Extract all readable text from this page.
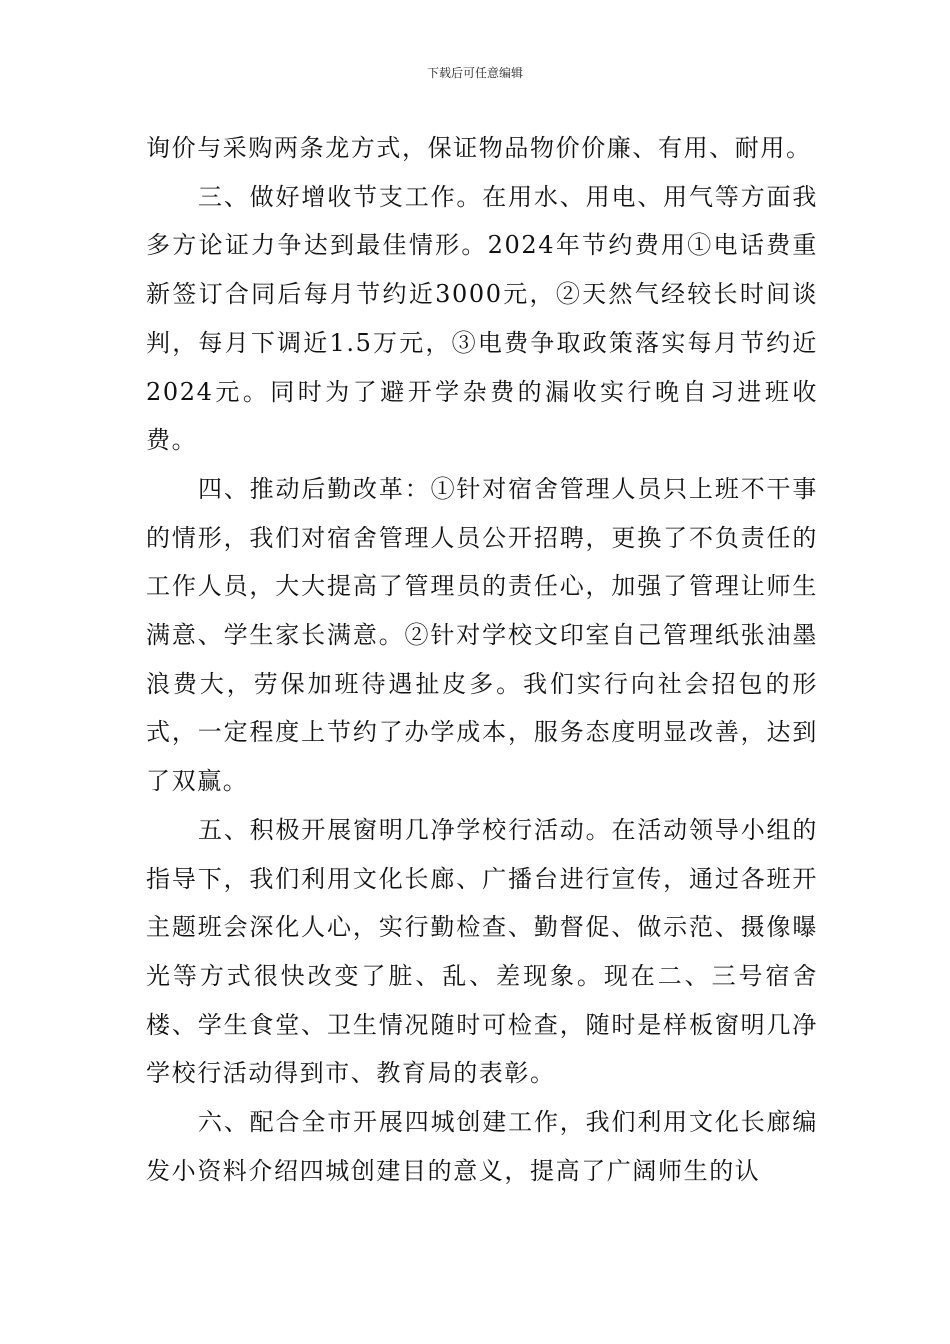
下载后可任意编辑

询价与采购两条龙方式，保证物品物价价廉、有用、耐用。

三、做好增收节支工作。在用水、用电、用气等方面我多方论证力争达到最佳情形。2024年节约费用①电话费重新签订合同后每月节约近3000元，②天然气经较长时间谈判，每月下调近1.5万元，③电费争取政策落实每月节约近2024元。同时为了避开学杂费的漏收实行晚自习进班收费。

四、推动后勤改革：①针对宿舍管理人员只上班不干事的情形，我们对宿舍管理人员公开招聘，更换了不负责任的工作人员，大大提高了管理员的责任心，加强了管理让师生满意、学生家长满意。②针对学校文印室自己管理纸张油墨浪费大，劳保加班待遇扯皮多。我们实行向社会招包的形式，一定程度上节约了办学成本，服务态度明显改善，达到了双赢。

五、积极开展窗明几净学校行活动。在活动领导小组的指导下，我们利用文化长廊、广播台进行宣传，通过各班开主题班会深化人心，实行勤检查、勤督促、做示范、摄像曝光等方式很快改变了脏、乱、差现象。现在二、三号宿舍楼、学生食堂、卫生情况随时可检查，随时是样板窗明几净学校行活动得到市、教育局的表彰。

六、配合全市开展四城创建工作，我们利用文化长廊编发小资料介绍四城创建目的意义，提高了广阔师生的认
